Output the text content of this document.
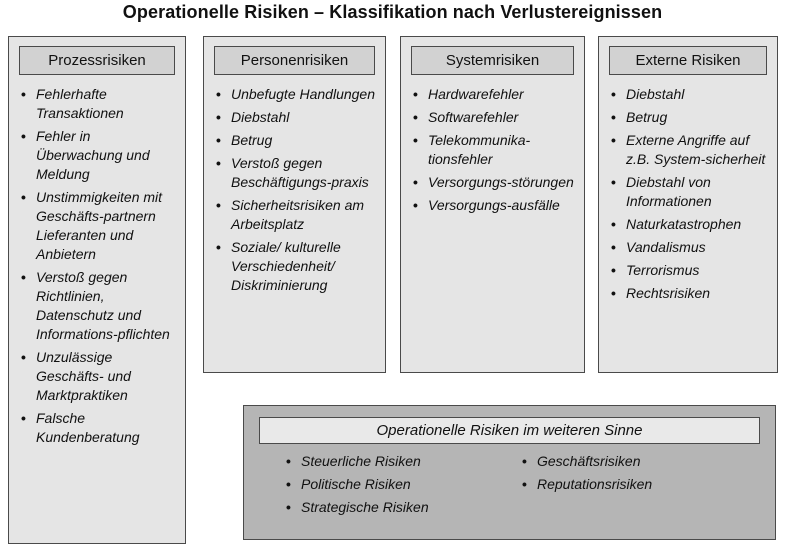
Operationelle Risiken – Klassifikation nach Verlustereignissen
Prozessrisiken
• Fehlerhafte Transaktionen
• Fehler in Überwachung und Meldung
• Unstimmigkeiten mit Geschäfts-partnern Lieferanten und Anbietern
• Verstoß gegen Richtlinien, Datenschutz und Informations-pflichten
• Unzulässige Geschäfts- und Marktpraktiken
• Falsche Kundenberatung
Personenrisiken
• Unbefugte Handlungen
• Diebstahl
• Betrug
• Verstoß gegen Beschäftigungs-praxis
• Sicherheitsrisiken am Arbeitsplatz
• Soziale/ kulturelle Verschiedenheit/ Diskriminierung
Systemrisiken
• Hardwarefehler
• Softwarefehler
• Telekommunika-tionsfehler
• Versorgungs-störungen
• Versorgungs-ausfälle
Externe Risiken
• Diebstahl
• Betrug
• Externe Angriffe auf z.B. System-sicherheit
• Diebstahl von Informationen
• Naturkatastrophen
• Vandalismus
• Terrorismus
• Rechtsrisiken
Operationelle Risiken im weiteren Sinne
• Steuerliche Risiken
• Politische Risiken
• Strategische Risiken
• Geschäftsrisiken
• Reputationsrisiken
